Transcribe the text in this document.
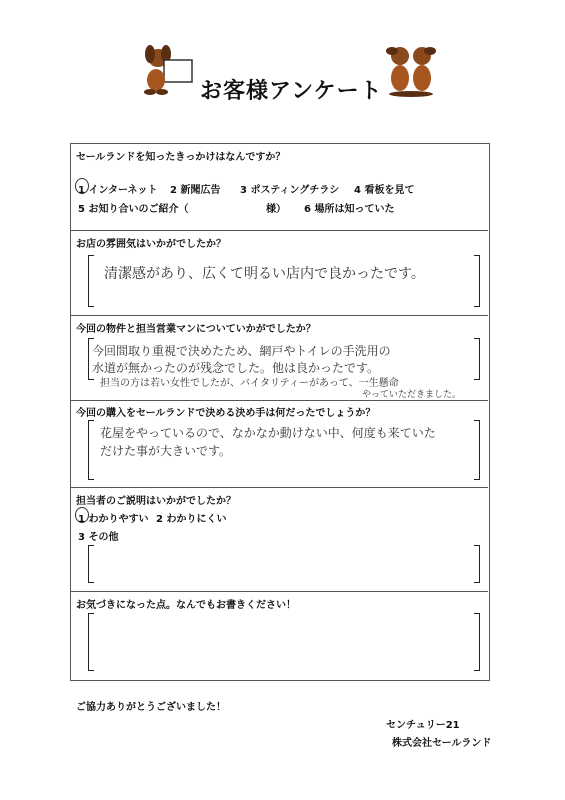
お客様アンケート
セールランドを知ったきっかけはなんですか？
1 インターネット 2 新聞広告 3 ポスティングチラシ 4 看板を見て
5 お知り合いのご紹介（	様） 6 場所は知っていた
お店の雰囲気はいかがでしたか？
清潔感があり、広くて明るい店内で良かったです。
今回の物件と担当営業マンについていかがでしたか？
今回間取り重視で決めたため、網戸やトイレの手洗用の
水道が無かったのが残念でした。他は良かったです。
担当の方は若い女性でしたが、バイタリティーがあって、一生懸命
やっていただきました。
今回の購入をセールランドで決める決め手は何だったでしょうか？
花屋をやっているので、なかなか動けない中、何度も来ていた
だけた事が大きいです。
担当者のご説明はいかがでしたか？
1 わかりやすい 2 わかりにくい
3 その他
お気づきになった点。なんでもお書きください！
ご協力ありがとうございました！
センチュリー21
株式会社セールランド
